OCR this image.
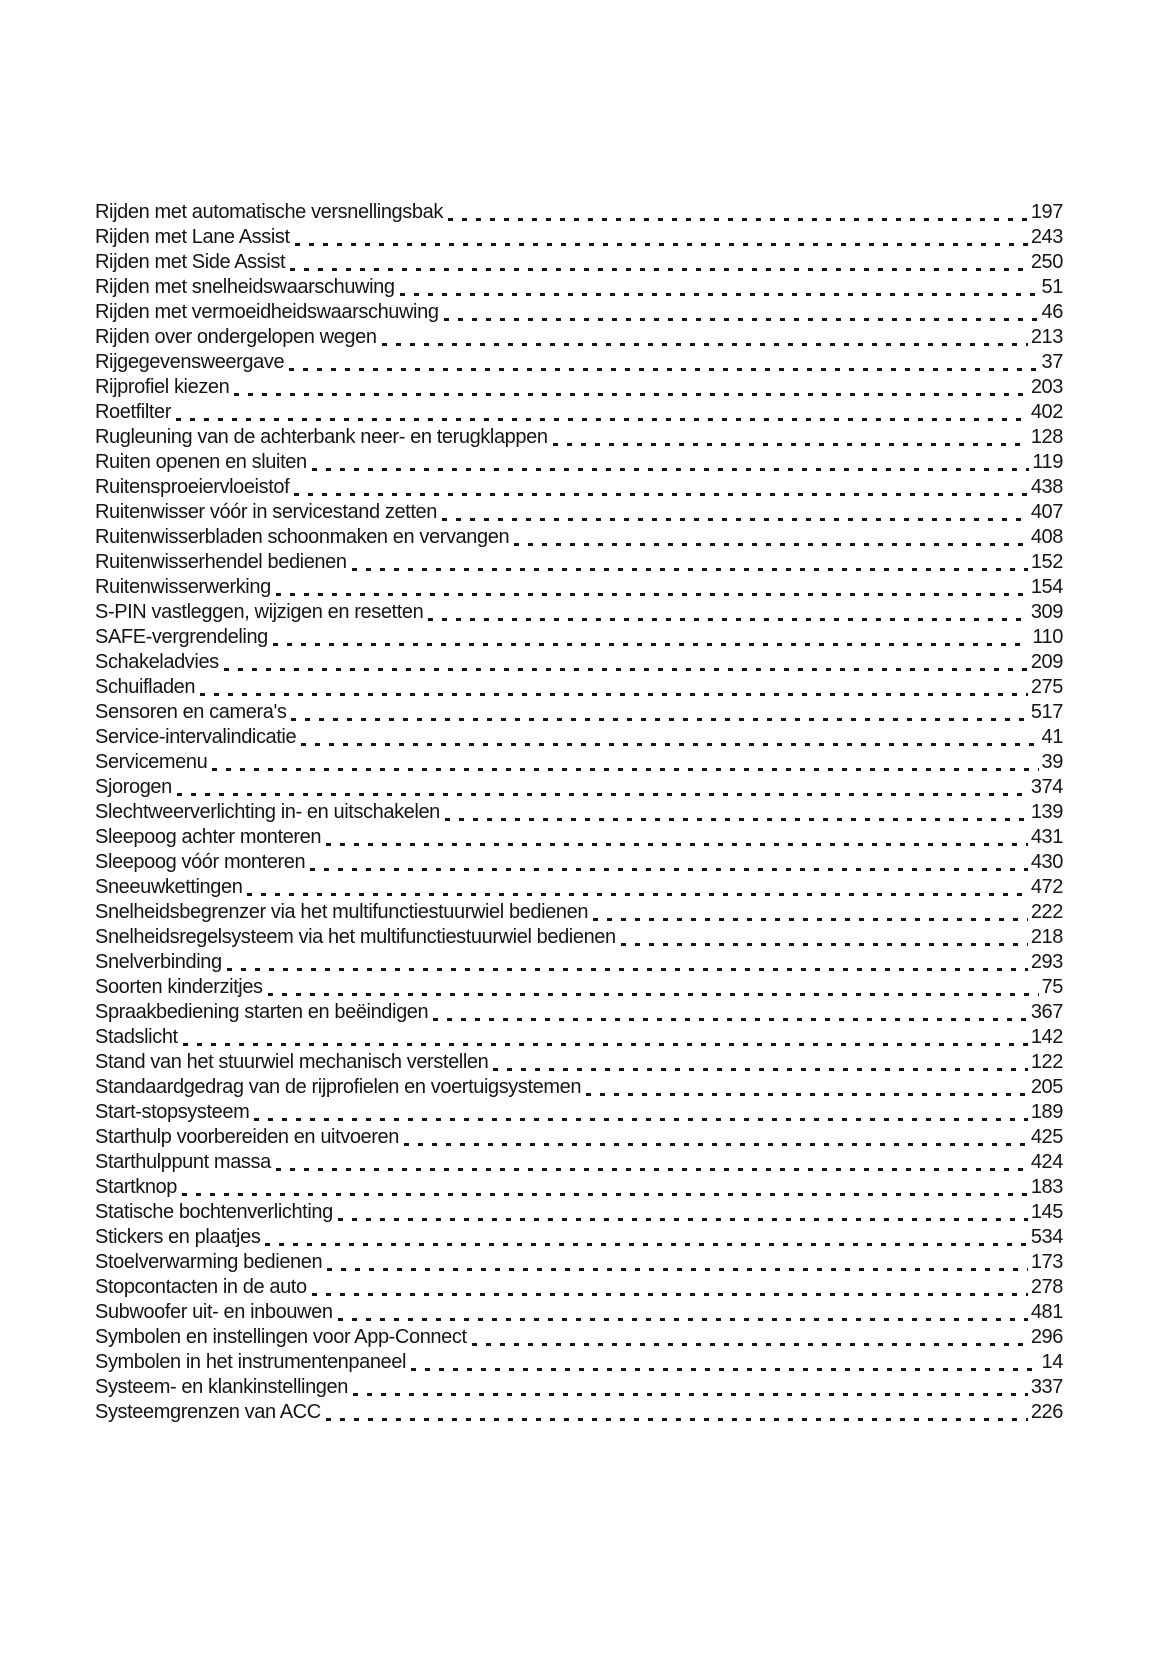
Rijden met automatische versnellingsbak	197
Rijden met Lane Assist	243
Rijden met Side Assist	250
Rijden met snelheidswaarschuwing	51
Rijden met vermoeidheidswaarschuwing	46
Rijden over ondergelopen wegen	213
Rijgegevensweergave	37
Rijprofiel kiezen	203
Roetfilter	402
Rugleuning van de achterbank neer- en terugklappen	128
Ruiten openen en sluiten	119
Ruitensproeiervloeistof	438
Ruitenwisser vóór in servicestand zetten	407
Ruitenwisserbladen schoonmaken en vervangen	408
Ruitenwisserhendel bedienen	152
Ruitenwisserwerking	154
S-PIN vastleggen, wijzigen en resetten	309
SAFE-vergrendeling	110
Schakeladvies	209
Schuifladen	275
Sensoren en camera's	517
Service-intervalindicatie	41
Servicemenu	39
Sjorogen	374
Slechtweerverlichting in- en uitschakelen	139
Sleepoog achter monteren	431
Sleepoog vóór monteren	430
Sneeuwkettingen	472
Snelheidsbegrenzer via het multifunctiestuurwiel bedienen	222
Snelheidsregelsysteem via het multifunctiestuurwiel bedienen	218
Snelverbinding	293
Soorten kinderzitjes	75
Spraakbediening starten en beëindigen	367
Stadslicht	142
Stand van het stuurwiel mechanisch verstellen	122
Standaardgedrag van de rijprofielen en voertuigsystemen	205
Start-stopsysteem	189
Starthulp voorbereiden en uitvoeren	425
Starthulppunt massa	424
Startknop	183
Statische bochtenverlichting	145
Stickers en plaatjes	534
Stoelverwarming bedienen	173
Stopcontacten in de auto	278
Subwoofer uit- en inbouwen	481
Symbolen en instellingen voor App-Connect	296
Symbolen in het instrumentenpaneel	14
Systeem- en klankinstellingen	337
Systeemgrenzen van ACC	226
